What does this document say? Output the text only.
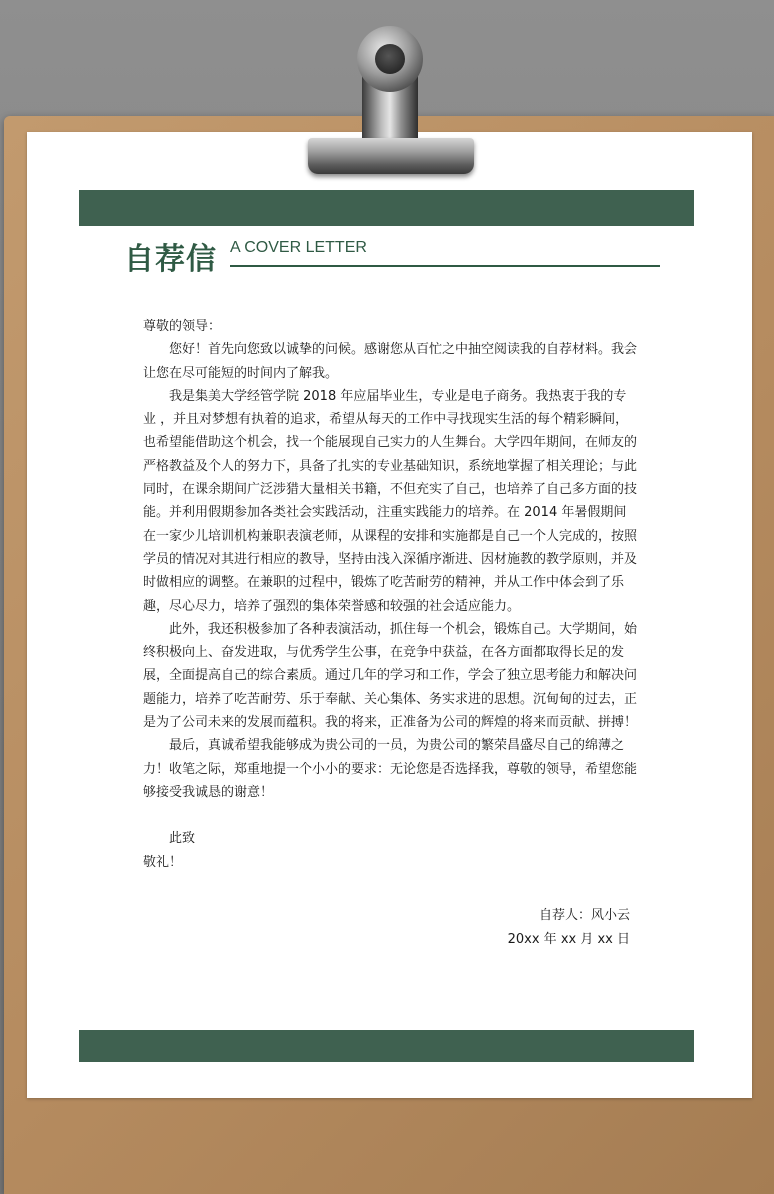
自荐信 A COVER LETTER

尊敬的领导：

您好！首先向您致以诚挚的问候。感谢您从百忙之中抽空阅读我的自荐材料。我会让您在尽可能短的时间内了解我。

我是集美大学经管学院 2018 年应届毕业生，专业是电子商务。我热衷于我的专业 ，并且对梦想有执着的追求，希望从每天的工作中寻找现实生活的每个精彩瞬间，也希望能借助这个机会，找一个能展现自己实力的人生舞台。大学四年期间，在师友的严格教益及个人的努力下，具备了扎实的专业基础知识，系统地掌握了相关理论；与此同时，在课余期间广泛涉猎大量相关书籍，不但充实了自己，也培养了自己多方面的技能。并利用假期参加各类社会实践活动，注重实践能力的培养。在 2014 年暑假期间在一家少儿培训机构兼职表演老师，从课程的安排和实施都是自己一个人完成的，按照学员的情况对其进行相应的教导，坚持由浅入深循序渐进、因材施教的教学原则，并及时做相应的调整。在兼职的过程中，锻炼了吃苦耐劳的精神，并从工作中体会到了乐趣，尽心尽力，培养了强烈的集体荣誉感和较强的社会适应能力。

此外，我还积极参加了各种表演活动，抓住每一个机会，锻炼自己。大学期间，始终积极向上、奋发进取，与优秀学生公事，在竞争中获益，在各方面都取得长足的发展，全面提高自己的综合素质。通过几年的学习和工作，学会了独立思考能力和解决问题能力，培养了吃苦耐劳、乐于奉献、关心集体、务实求进的思想。沉甸甸的过去，正是为了公司未来的发展而蕴积。我的将来，正准备为公司的辉煌的将来而贡献、拼搏！

最后，真诚希望我能够成为贵公司的一员，为贵公司的繁荣昌盛尽自己的绵薄之力！收笔之际，郑重地提一个小小的要求：无论您是否选择我，尊敬的领导，希望您能够接受我诚恳的谢意！

此致

敬礼！

自荐人：风小云
20xx 年 xx 月 xx 日
